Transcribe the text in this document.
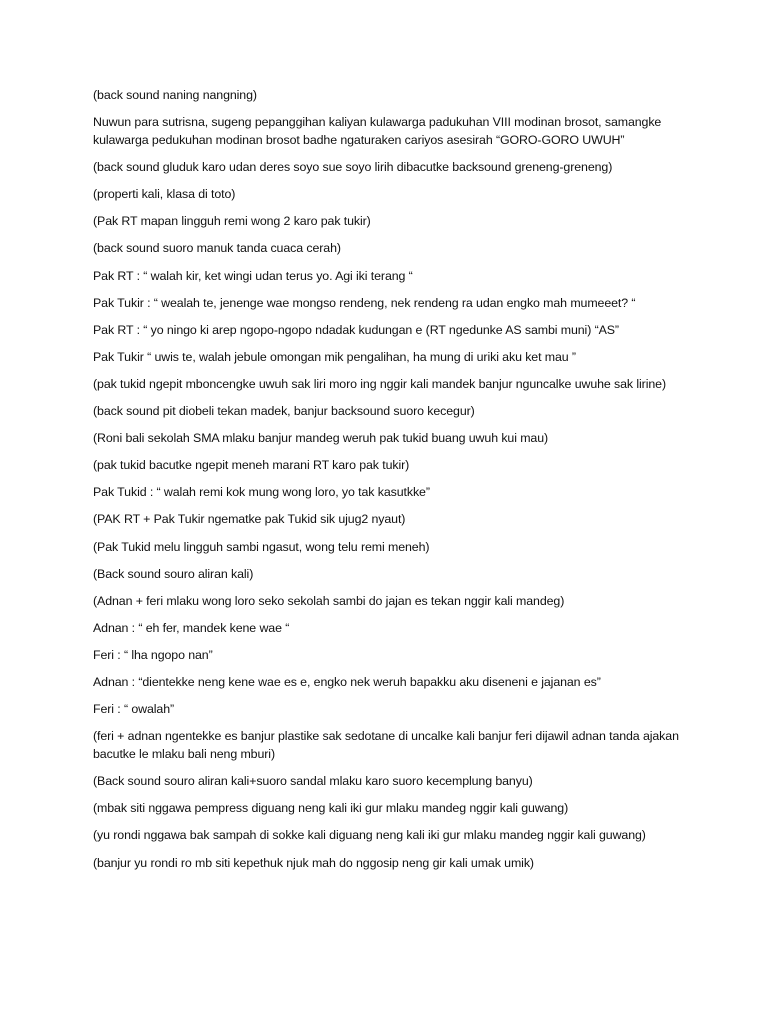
(back sound naning nangning)

Nuwun para sutrisna, sugeng pepanggihan kaliyan kulawarga padukuhan VIII modinan brosot, samangke kulawarga pedukuhan modinan brosot badhe ngaturaken cariyos asesirah “GORO-GORO UWUH”

(back sound gluduk karo udan deres soyo sue soyo lirih dibacutke backsound greneng-greneng)

(properti kali, klasa di toto)

(Pak RT mapan lingguh remi wong 2 karo pak tukir)

(back sound suoro manuk tanda cuaca cerah)

Pak RT : “ walah kir, ket wingi udan terus yo. Agi iki terang “

Pak Tukir : “ wealah te, jenenge wae mongso rendeng, nek rendeng ra udan engko mah mumeeet? “

Pak RT : “ yo ningo ki arep ngopo-ngopo ndadak kudungan e (RT ngedunke AS sambi muni) “AS”

Pak Tukir “ uwis te, walah jebule omongan mik pengalihan, ha mung di uriki aku ket mau ”

(pak tukid ngepit mboncengke uwuh sak liri moro ing nggir kali mandek banjur nguncalke uwuhe sak lirine)

(back sound pit diobeli tekan madek, banjur backsound suoro kecegur)

(Roni bali sekolah SMA mlaku banjur mandeg weruh pak tukid buang uwuh kui mau)

(pak tukid bacutke ngepit meneh marani RT karo pak tukir)

Pak Tukid : “ walah remi kok mung wong loro, yo tak kasutkke”

(PAK RT + Pak Tukir ngematke pak Tukid sik ujug2 nyaut)

(Pak Tukid melu lingguh sambi ngasut, wong telu remi meneh)

(Back sound souro aliran kali)

(Adnan + feri mlaku wong loro seko sekolah sambi do jajan es tekan nggir kali mandeg)

Adnan : “ eh fer, mandek kene wae “

Feri : “ lha ngopo nan”

Adnan : “dientekke neng kene wae es e, engko nek weruh bapakku aku diseneni e jajanan es”

Feri : “ owalah”

(feri + adnan ngentekke es banjur plastike sak sedotane di uncalke kali banjur feri dijawil adnan tanda ajakan bacutke le mlaku bali neng mburi)

(Back sound souro aliran kali+suoro sandal mlaku karo suoro kecemplung banyu)

(mbak siti nggawa pempress diguang neng kali iki gur mlaku mandeg nggir kali guwang)

(yu rondi nggawa bak sampah di sokke kali diguang neng kali iki gur mlaku mandeg nggir kali guwang)

(banjur yu rondi ro mb siti kepethuk njuk mah do nggosip neng gir kali umak umik)
